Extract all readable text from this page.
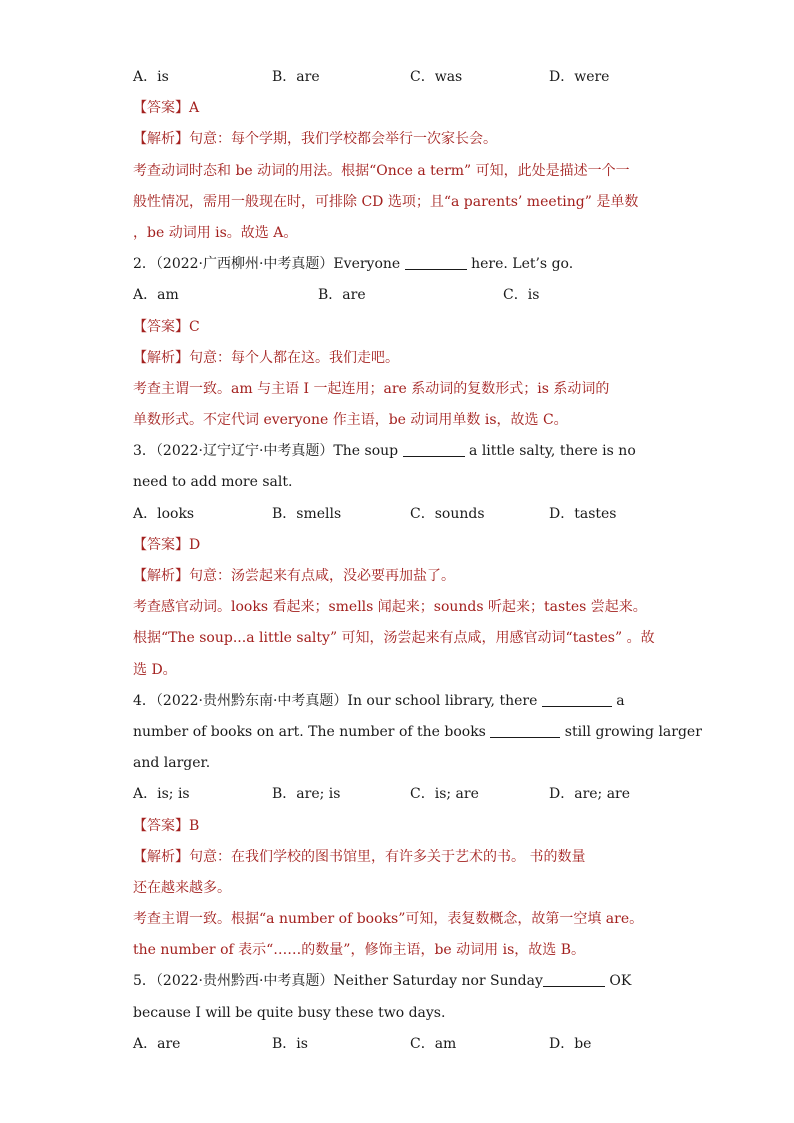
A．is	B．are	C．was	D．were
【答案】A
【解析】句意：每个学期，我们学校都会举行一次家长会。
考查动词时态和 be 动词的用法。根据“Once a term” 可知，此处是描述一个一
般性情况，需用一般现在时，可排除 CD 选项；且“a parents’ meeting” 是单数
，be 动词用 is。故选 A。
2．（2022·广西柳州·中考真题）Everyone	here. Let’s go.
A．am	B．are	C．is
【答案】C
【解析】句意：每个人都在这。我们走吧。
考查主谓一致。am 与主语 I 一起连用；are 系动词的复数形式；is 系动词的
单数形式。不定代词 everyone 作主语，be 动词用单数 is，故选 C。
3．（2022·辽宁辽宁·中考真题）The soup	a little salty, there is no
need to add more salt.
A．looks	B．smells	C．sounds	D．tastes
【答案】D
【解析】句意：汤尝起来有点咸，没必要再加盐了。
考查感官动词。looks 看起来；smells 闻起来；sounds 听起来；tastes 尝起来。
根据“The soup...a little salty” 可知，汤尝起来有点咸，用感官动词“tastes” 。故
选 D。
4．（2022·贵州黔东南·中考真题）In our school library, there	a
number of books on art. The number of the books	still growing larger
and larger.
A．is; is	B．are; is	C．is; are	D．are; are
【答案】B
【解析】句意：在我们学校的图书馆里，有许多关于艺术的书。 书的数量
还在越来越多。
考查主谓一致。根据“a number of books”可知，表复数概念，故第一空填 are。
the number of 表示“……的数量”，修饰主语，be 动词用 is，故选 B。
5．（2022·贵州黔西·中考真题）Neither Saturday nor Sunday	OK
because I will be quite busy these two days.
A．are	B．is	C．am	D．be
